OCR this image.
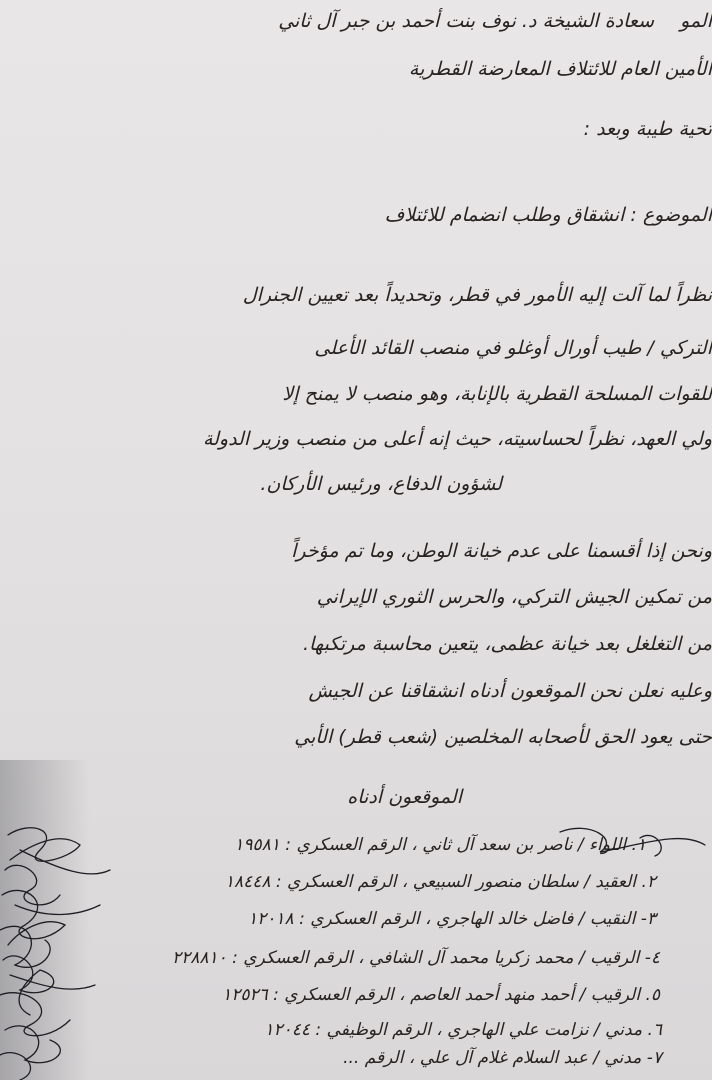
سعادة الشيخة د. نوف بنت أحمد بن جبر آل ثاني المو
الأمين العام للائتلاف المعارضة القطرية
تحية طيبة وبعد :
الموضوع : انشقاق وطلب انضمام للائتلاف
نظراً لما آلت إليه الأمور في قطر، وتحديداً بعد تعيين الجنرال
التركي / طيب أورال أوغلو في منصب القائد الأعلى
للقوات المسلحة القطرية بالإنابة، وهو منصب لا يمنح إلا
ولي العهد، نظراً لحساسيته، حيث إنه أعلى من منصب وزير الدولة
لشؤون الدفاع، ورئيس الأركان.
ونحن إذا أقسمنا على عدم خيانة الوطن، وما تم مؤخراً
من تمكين الجيش التركي، والحرس الثوري الإيراني
من التغلغل بعد خيانة عظمى، يتعين محاسبة مرتكبها.
وعليه نعلن نحن الموقعون أدناه انشقاقنا عن الجيش
حتى يعود الحق لأصحابه المخلصين (شعب قطر) الأبي
الموقعون أدناه
١. اللواء / ناصر بن سعد آل ثاني ، الرقم العسكري : ١٩٥٨١
٢. العقيد / سلطان منصور السبيعي ، الرقم العسكري : ١٨٤٤٨
٣- النقيب / فاضل خالد الهاجري ، الرقم العسكري : ١٢٠١٨
٤- الرقيب / محمد زكريا محمد آل الشافي ، الرقم العسكري : ٢٢٨٨١٠
٥. الرقيب / أحمد منهد أحمد العاصم ، الرقم العسكري : ١٢٥٢٦
٦. مدني / نزامت علي الهاجري ، الرقم الوظيفي : ١٢٠٤٤
٧- مدني / عبد السلام غلام آل علي ، الرقم ...
